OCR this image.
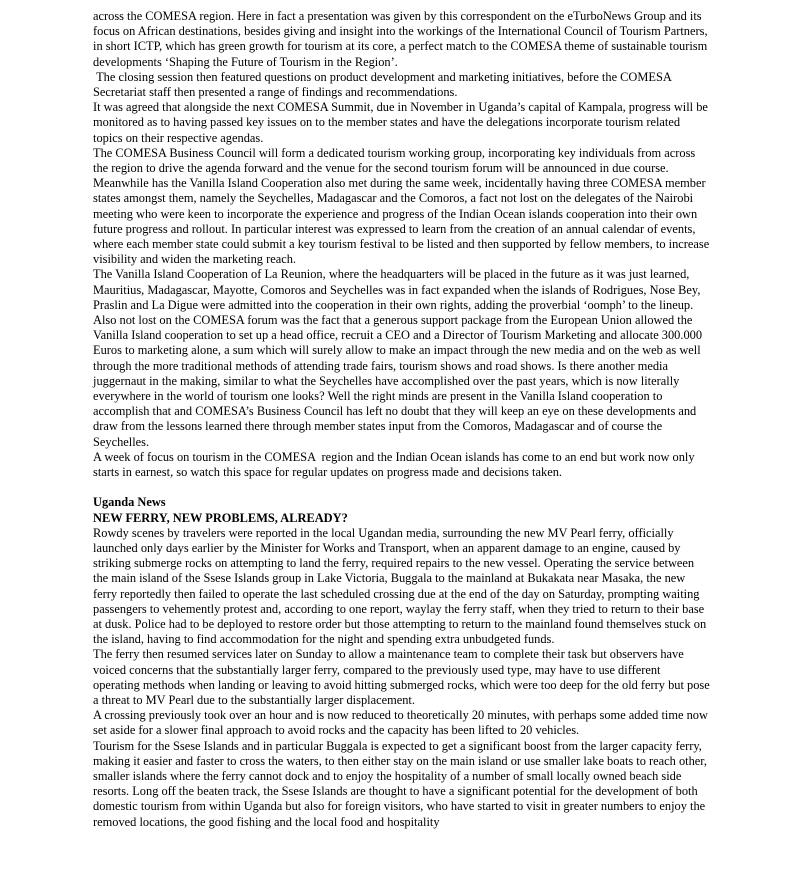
across the COMESA region. Here in fact a presentation was given by this correspondent on the eTurboNews Group and its focus on African destinations, besides giving and insight into the workings of the International Council of Tourism Partners, in short ICTP, which has green growth for tourism at its core, a perfect match to the COMESA theme of sustainable tourism developments ‘Shaping the Future of Tourism in the Region’.

The closing session then featured questions on product development and marketing initiatives, before the COMESA Secretariat staff then presented a range of findings and recommendations.

It was agreed that alongside the next COMESA Summit, due in November in Uganda’s capital of Kampala, progress will be monitored as to having passed key issues on to the member states and have the delegations incorporate tourism related topics on their respective agendas.

The COMESA Business Council will form a dedicated tourism working group, incorporating key individuals from across the region to drive the agenda forward and the venue for the second tourism forum will be announced in due course.

Meanwhile has the Vanilla Island Cooperation also met during the same week, incidentally having three COMESA member states amongst them, namely the Seychelles, Madagascar and the Comoros, a fact not lost on the delegates of the Nairobi meeting who were keen to incorporate the experience and progress of the Indian Ocean islands cooperation into their own future progress and rollout. In particular interest was expressed to learn from the creation of an annual calendar of events, where each member state could submit a key tourism festival to be listed and then supported by fellow members, to increase visibility and widen the marketing reach.

The Vanilla Island Cooperation of La Reunion, where the headquarters will be placed in the future as it was just learned, Mauritius, Madagascar, Mayotte, Comoros and Seychelles was in fact expanded when the islands of Rodrigues, Nose Bey, Praslin and La Digue were admitted into the cooperation in their own rights, adding the proverbial ‘oomph’ to the lineup. Also not lost on the COMESA forum was the fact that a generous support package from the European Union allowed the Vanilla Island cooperation to set up a head office, recruit a CEO and a Director of Tourism Marketing and allocate 300.000 Euros to marketing alone, a sum which will surely allow to make an impact through the new media and on the web as well through the more traditional methods of attending trade fairs, tourism shows and road shows. Is there another media juggernaut in the making, similar to what the Seychelles have accomplished over the past years, which is now literally everywhere in the world of tourism one looks? Well the right minds are present in the Vanilla Island cooperation to accomplish that and COMESA’s Business Council has left no doubt that they will keep an eye on these developments and draw from the lessons learned there through member states input from the Comoros, Madagascar and of course the Seychelles.

A week of focus on tourism in the COMESA  region and the Indian Ocean islands has come to an end but work now only starts in earnest, so watch this space for regular updates on progress made and decisions taken.

Uganda News

NEW FERRY, NEW PROBLEMS, ALREADY?

Rowdy scenes by travelers were reported in the local Ugandan media, surrounding the new MV Pearl ferry, officially launched only days earlier by the Minister for Works and Transport, when an apparent damage to an engine, caused by striking submerge rocks on attempting to land the ferry, required repairs to the new vessel. Operating the service between the main island of the Ssese Islands group in Lake Victoria, Buggala to the mainland at Bukakata near Masaka, the new ferry reportedly then failed to operate the last scheduled crossing due at the end of the day on Saturday, prompting waiting passengers to vehemently protest and, according to one report, waylay the ferry staff, when they tried to return to their base at dusk. Police had to be deployed to restore order but those attempting to return to the mainland found themselves stuck on the island, having to find accommodation for the night and spending extra unbudgeted funds.

The ferry then resumed services later on Sunday to allow a maintenance team to complete their task but observers have voiced concerns that the substantially larger ferry, compared to the previously used type, may have to use different operating methods when landing or leaving to avoid hitting submerged rocks, which were too deep for the old ferry but pose a threat to MV Pearl due to the substantially larger displacement.

A crossing previously took over an hour and is now reduced to theoretically 20 minutes, with perhaps some added time now set aside for a slower final approach to avoid rocks and the capacity has been lifted to 20 vehicles.

Tourism for the Ssese Islands and in particular Buggala is expected to get a significant boost from the larger capacity ferry, making it easier and faster to cross the waters, to then either stay on the main island or use smaller lake boats to reach other, smaller islands where the ferry cannot dock and to enjoy the hospitality of a number of small locally owned beach side resorts. Long off the beaten track, the Ssese Islands are thought to have a significant potential for the development of both domestic tourism from within Uganda but also for foreign visitors, who have started to visit in greater numbers to enjoy the removed locations, the good fishing and the local food and hospitality
